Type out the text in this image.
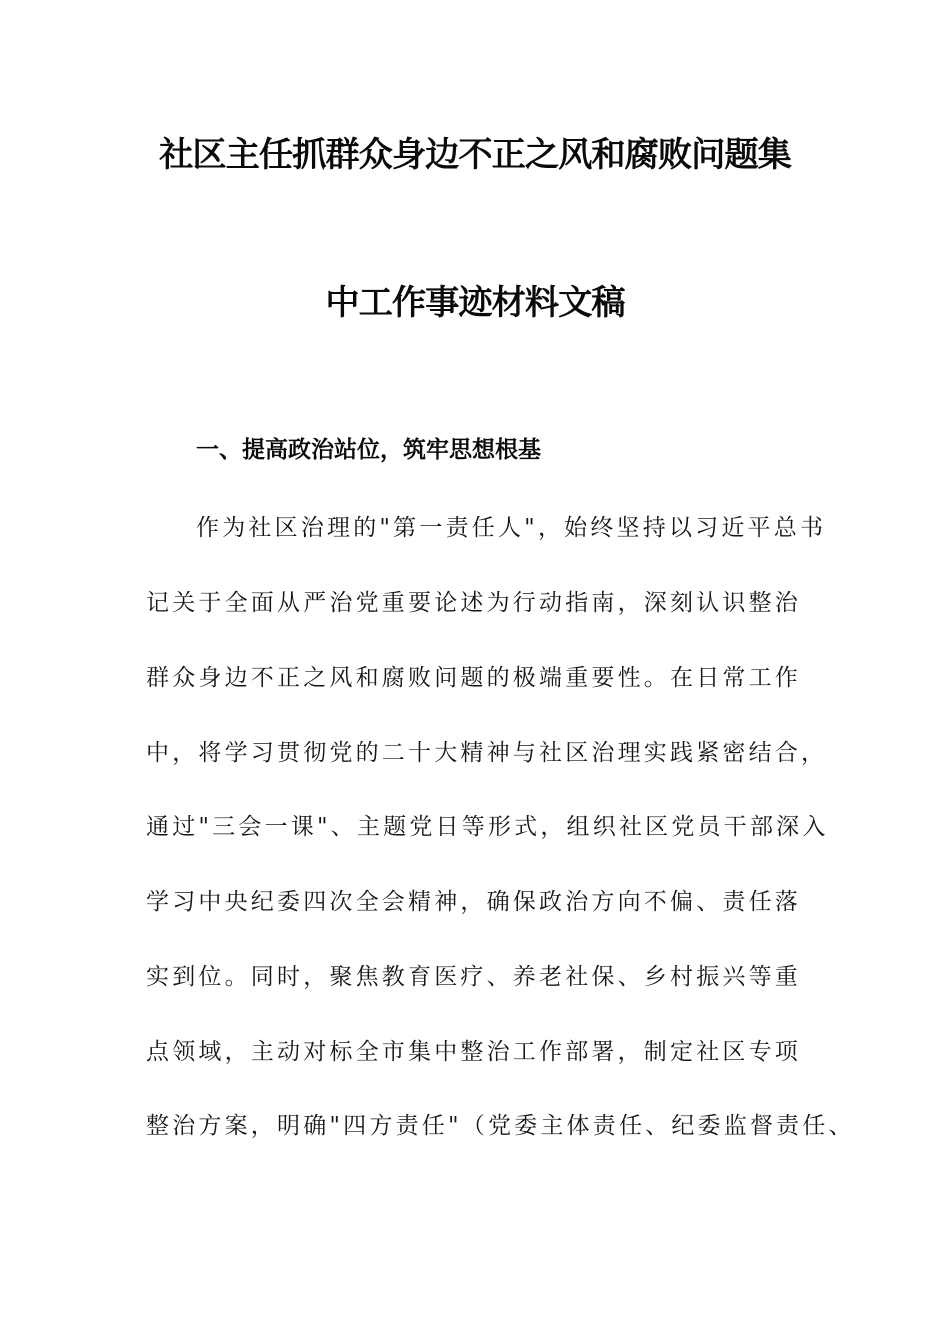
社区主任抓群众身边不正之风和腐败问题集
中工作事迹材料文稿
一、提高政治站位，筑牢思想根基
作为社区治理的"第一责任人"，始终坚持以习近平总书
记关于全面从严治党重要论述为行动指南，深刻认识整治
群众身边不正之风和腐败问题的极端重要性。在日常工作
中，将学习贯彻党的二十大精神与社区治理实践紧密结合，
通过"三会一课"、主题党日等形式，组织社区党员干部深入
学习中央纪委四次全会精神，确保政治方向不偏、责任落
实到位。同时，聚焦教育医疗、养老社保、乡村振兴等重
点领域，主动对标全市集中整治工作部署，制定社区专项
整治方案，明确"四方责任"（党委主体责任、纪委监督责任、
